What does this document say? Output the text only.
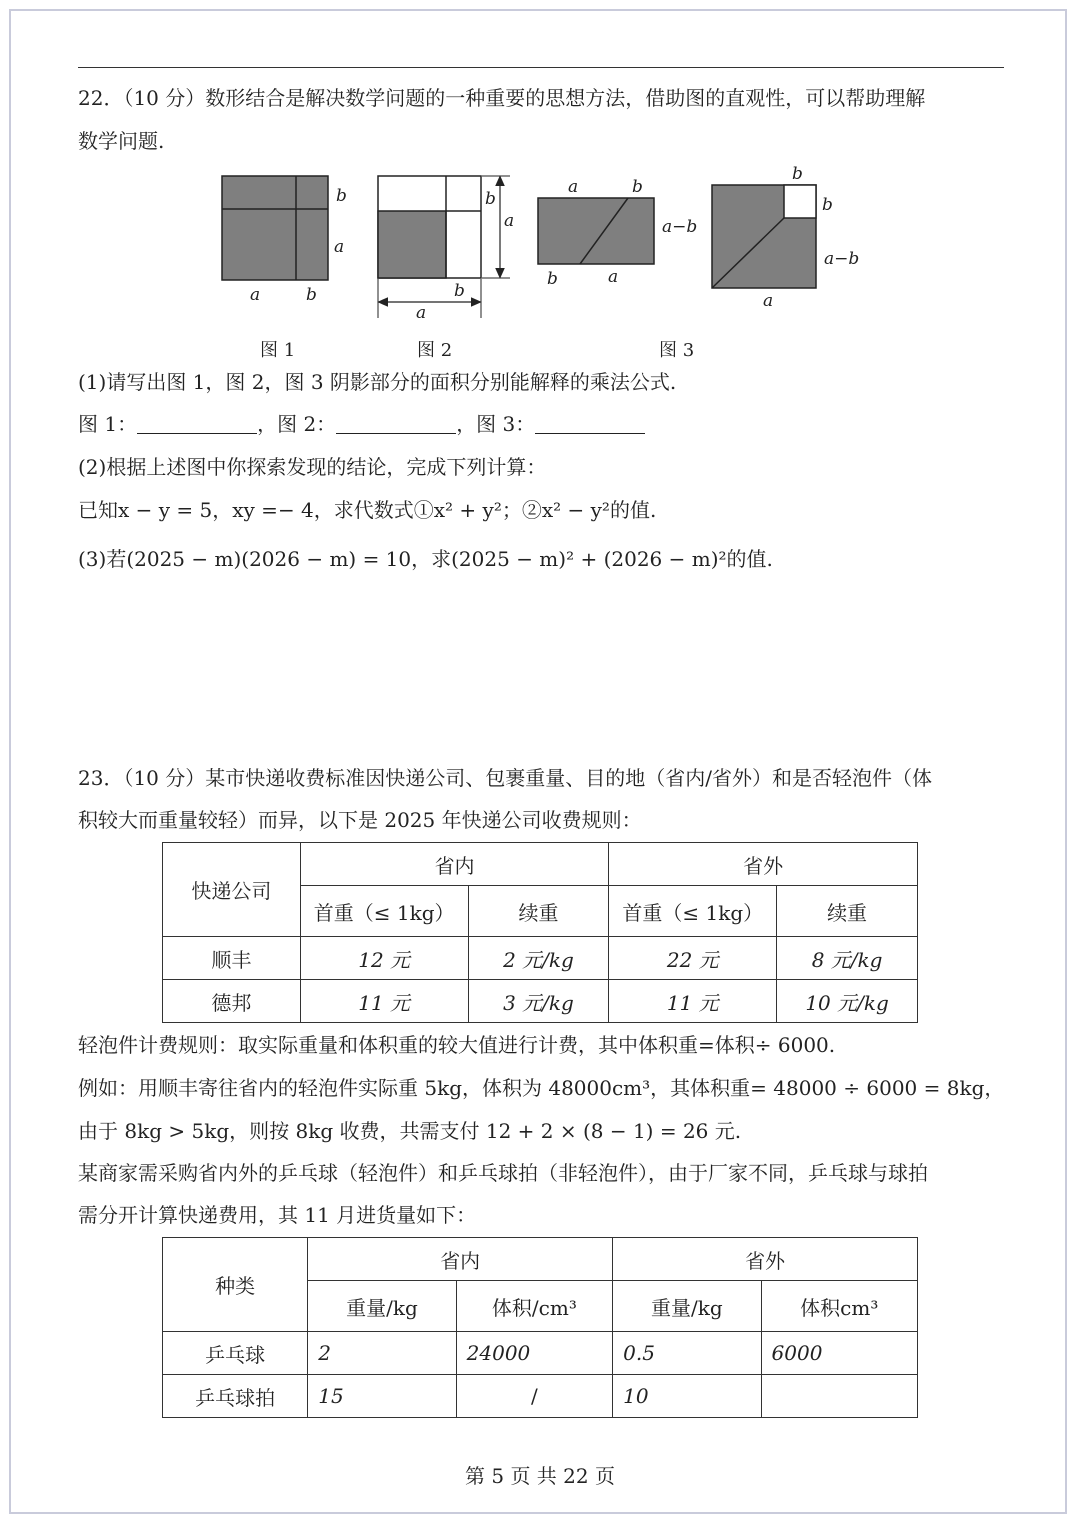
22．（10 分）数形结合是解决数学问题的一种重要的思想方法，借助图的直观性，可以帮助理解
数学问题.
b
a
a	b
b
a
b
a
a	b
a−b
b	a
b
b
a−b
a
图 1	图 2	图 3
(1)请写出图 1，图 2，图 3 阴影部分的面积分别能解释的乘法公式.
图 1：	，图 2：	，图 3：
(2)根据上述图中你探索发现的结论，完成下列计算：
已知x − y = 5，xy =− 4，求代数式①x² + y²；②x² − y²的值.
(3)若(2025 − m)(2026 − m) = 10，求(2025 − m)² + (2026 − m)²的值.
23．（10 分）某市快递收费标准因快递公司、包裹重量、目的地（省内/省外）和是否轻泡件（体
积较大而重量较轻）而异，以下是 2025 年快递公司收费规则：
快递公司	省内		省外	
	首重（≤ 1kg）	续重	首重（≤ 1kg）	续重
顺丰	12 元	2 元/kg	22 元	8 元/kg
德邦	11 元	3 元/kg	11 元	10 元/kg
轻泡件计费规则：取实际重量和体积重的较大值进行计费，其中体积重=体积÷ 6000.
例如：用顺丰寄往省内的轻泡件实际重 5kg，体积为 48000cm³，其体积重= 48000 ÷ 6000 = 8kg，
由于 8kg > 5kg，则按 8kg 收费，共需支付 12 + 2 × (8 − 1) = 26 元.
某商家需采购省内外的乒乓球（轻泡件）和乒乓球拍（非轻泡件），由于厂家不同，乒乓球与球拍
需分开计算快递费用，其 11 月进货量如下：
种类	省内		省外	
	重量/kg	体积/cm³	重量/kg	体积cm³
乒乓球	2	24000	0.5	6000
乒乓球拍	15	/	10	
第 5 页 共 22 页
